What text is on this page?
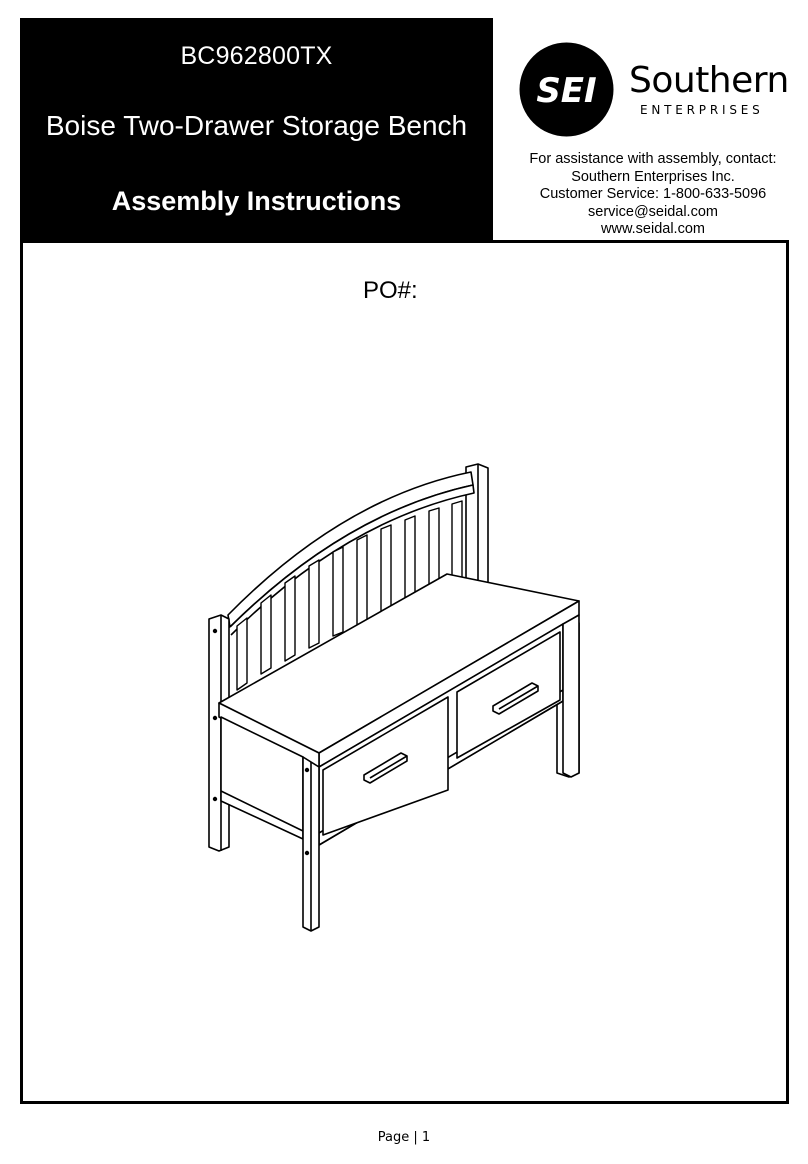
BC962800TX
Boise Two-Drawer Storage Bench
Assembly Instructions
SEI Southern
ENTERPRISES
For assistance with assembly, contact:
Southern Enterprises Inc.
Customer Service: 1-800-633-5096
service@seidal.com
www.seidal.com
PO#:
Page | 1
